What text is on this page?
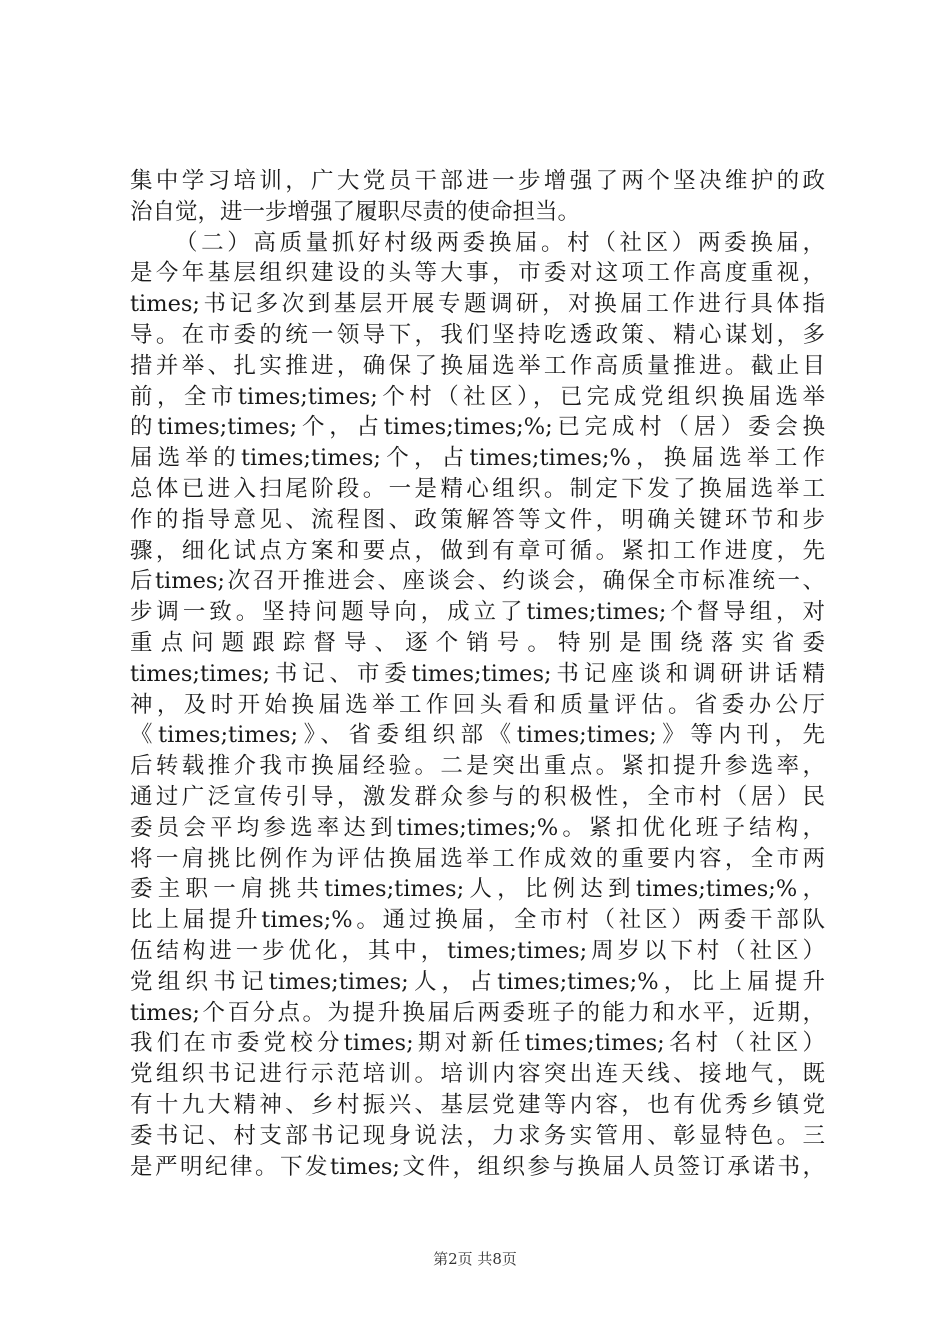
集中学习培训，广大党员干部进一步增强了两个坚决维护的政
治自觉，进一步增强了履职尽责的使命担当。
（二）高质量抓好村级两委换届。村（社区）两委换届，
是今年基层组织建设的头等大事，市委对这项工作高度重视，
times;书记多次到基层开展专题调研，对换届工作进行具体指
导。在市委的统一领导下，我们坚持吃透政策、精心谋划，多
措并举、扎实推进，确保了换届选举工作高质量推进。截止目
前，全市times;times;个村（社区），已完成党组织换届选举
的times;times;个，占times;times;%;已完成村（居）委会换
届选举的times;times;个，占times;times;%，换届选举工作
总体已进入扫尾阶段。一是精心组织。制定下发了换届选举工
作的指导意见、流程图、政策解答等文件，明确关键环节和步
骤，细化试点方案和要点，做到有章可循。紧扣工作进度，先
后times;次召开推进会、座谈会、约谈会，确保全市标准统一、
步调一致。坚持问题导向，成立了times;times;个督导组，对
重点问题跟踪督导、逐个销号。特别是围绕落实省委
times;times;书记、市委times;times;书记座谈和调研讲话精
神，及时开始换届选举工作回头看和质量评估。省委办公厅
《times;times;》、省委组织部《times;times;》等内刊，先
后转载推介我市换届经验。二是突出重点。紧扣提升参选率，
通过广泛宣传引导，激发群众参与的积极性，全市村（居）民
委员会平均参选率达到times;times;%。紧扣优化班子结构，
将一肩挑比例作为评估换届选举工作成效的重要内容，全市两
委主职一肩挑共times;times;人，比例达到times;times;%，
比上届提升times;%。通过换届，全市村（社区）两委干部队
伍结构进一步优化，其中，times;times;周岁以下村（社区）
党组织书记times;times;人，占times;times;%，比上届提升
times;个百分点。为提升换届后两委班子的能力和水平，近期，
我们在市委党校分times;期对新任times;times;名村（社区）
党组织书记进行示范培训。培训内容突出连天线、接地气，既
有十九大精神、乡村振兴、基层党建等内容，也有优秀乡镇党
委书记、村支部书记现身说法，力求务实管用、彰显特色。三
是严明纪律。下发times;文件，组织参与换届人员签订承诺书，
第2页 共8页
